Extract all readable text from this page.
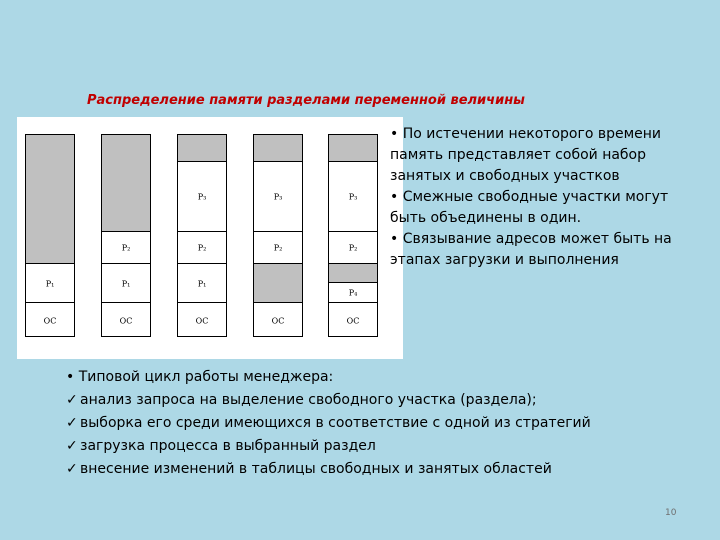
Распределение памяти разделами переменной величины
P₁
ОС
P₂
P₁
ОС
P₃
P₂
P₁
ОС
P₃
P₂
ОС
P₃
P₂
P₄
ОС

• По истечении некоторого времени память представляет собой набор занятых и свободных участков

• Смежные свободные участки могут быть объединены в один.

• Связывание адресов может быть на этапах загрузки и выполнения

• Типовой цикл работы менеджера:

✓ анализ запроса на выделение свободного участка (раздела);

✓ выборка его среди имеющихся в соответствие с одной из стратегий

✓ загрузка процесса в выбранный раздел

✓ внесение изменений в таблицы свободных и занятых областей

10
